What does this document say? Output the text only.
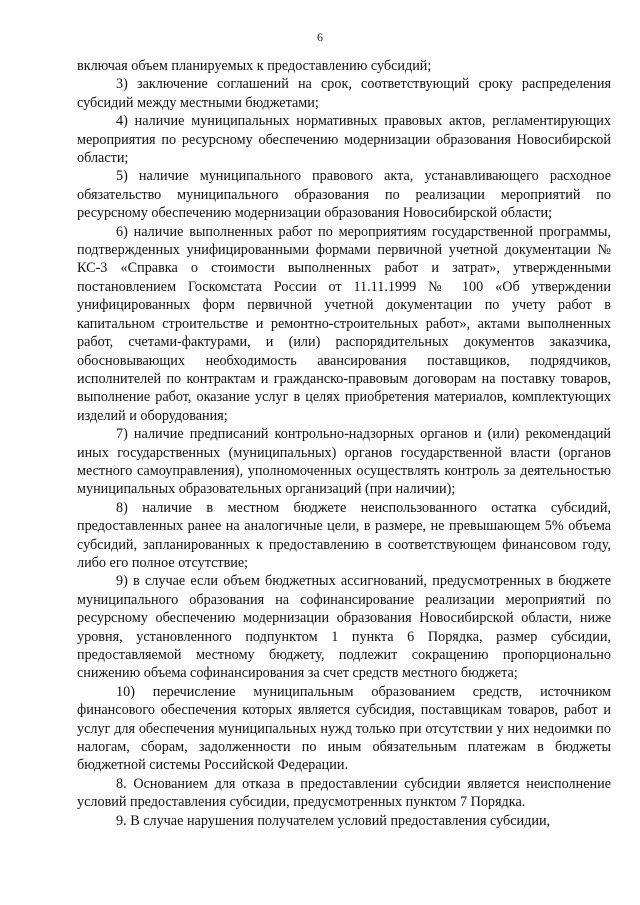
6

включая объем планируемых к предоставлению субсидий;

3) заключение соглашений на срок, соответствующий сроку распределения субсидий между местными бюджетами;

4) наличие муниципальных нормативных правовых актов, регламентирующих мероприятия по ресурсному обеспечению модернизации образования Новосибирской области;

5) наличие муниципального правового акта, устанавливающего расходное обязательство муниципального образования по реализации мероприятий по ресурсному обеспечению модернизации образования Новосибирской области;

6) наличие выполненных работ по мероприятиям государственной программы, подтвержденных унифицированными формами первичной учетной документации № КС-3 «Справка о стоимости выполненных работ и затрат», утвержденными постановлением Госкомстата России от 11.11.1999 № 100 «Об утверждении унифицированных форм первичной учетной документации по учету работ в капитальном строительстве и ремонтно-строительных работ», актами выполненных работ, счетами-фактурами, и (или) распорядительных документов заказчика, обосновывающих необходимость авансирования поставщиков, подрядчиков, исполнителей по контрактам и гражданско-правовым договорам на поставку товаров, выполнение работ, оказание услуг в целях приобретения материалов, комплектующих изделий и оборудования;

7) наличие предписаний контрольно-надзорных органов и (или) рекомендаций иных государственных (муниципальных) органов государственной власти (органов местного самоуправления), уполномоченных осуществлять контроль за деятельностью муниципальных образовательных организаций (при наличии);

8) наличие в местном бюджете неиспользованного остатка субсидий, предоставленных ранее на аналогичные цели, в размере, не превышающем 5% объема субсидий, запланированных к предоставлению в соответствующем финансовом году, либо его полное отсутствие;

9) в случае если объем бюджетных ассигнований, предусмотренных в бюджете муниципального образования на софинансирование реализации мероприятий по ресурсному обеспечению модернизации образования Новосибирской области, ниже уровня, установленного подпунктом 1 пункта 6 Порядка, размер субсидии, предоставляемой местному бюджету, подлежит сокращению пропорционально снижению объема софинансирования за счет средств местного бюджета;

10) перечисление муниципальным образованием средств, источником финансового обеспечения которых является субсидия, поставщикам товаров, работ и услуг для обеспечения муниципальных нужд только при отсутствии у них недоимки по налогам, сборам, задолженности по иным обязательным платежам в бюджеты бюджетной системы Российской Федерации.

8. Основанием для отказа в предоставлении субсидии является неисполнение условий предоставления субсидии, предусмотренных пунктом 7 Порядка.

9. В случае нарушения получателем условий предоставления субсидии,
